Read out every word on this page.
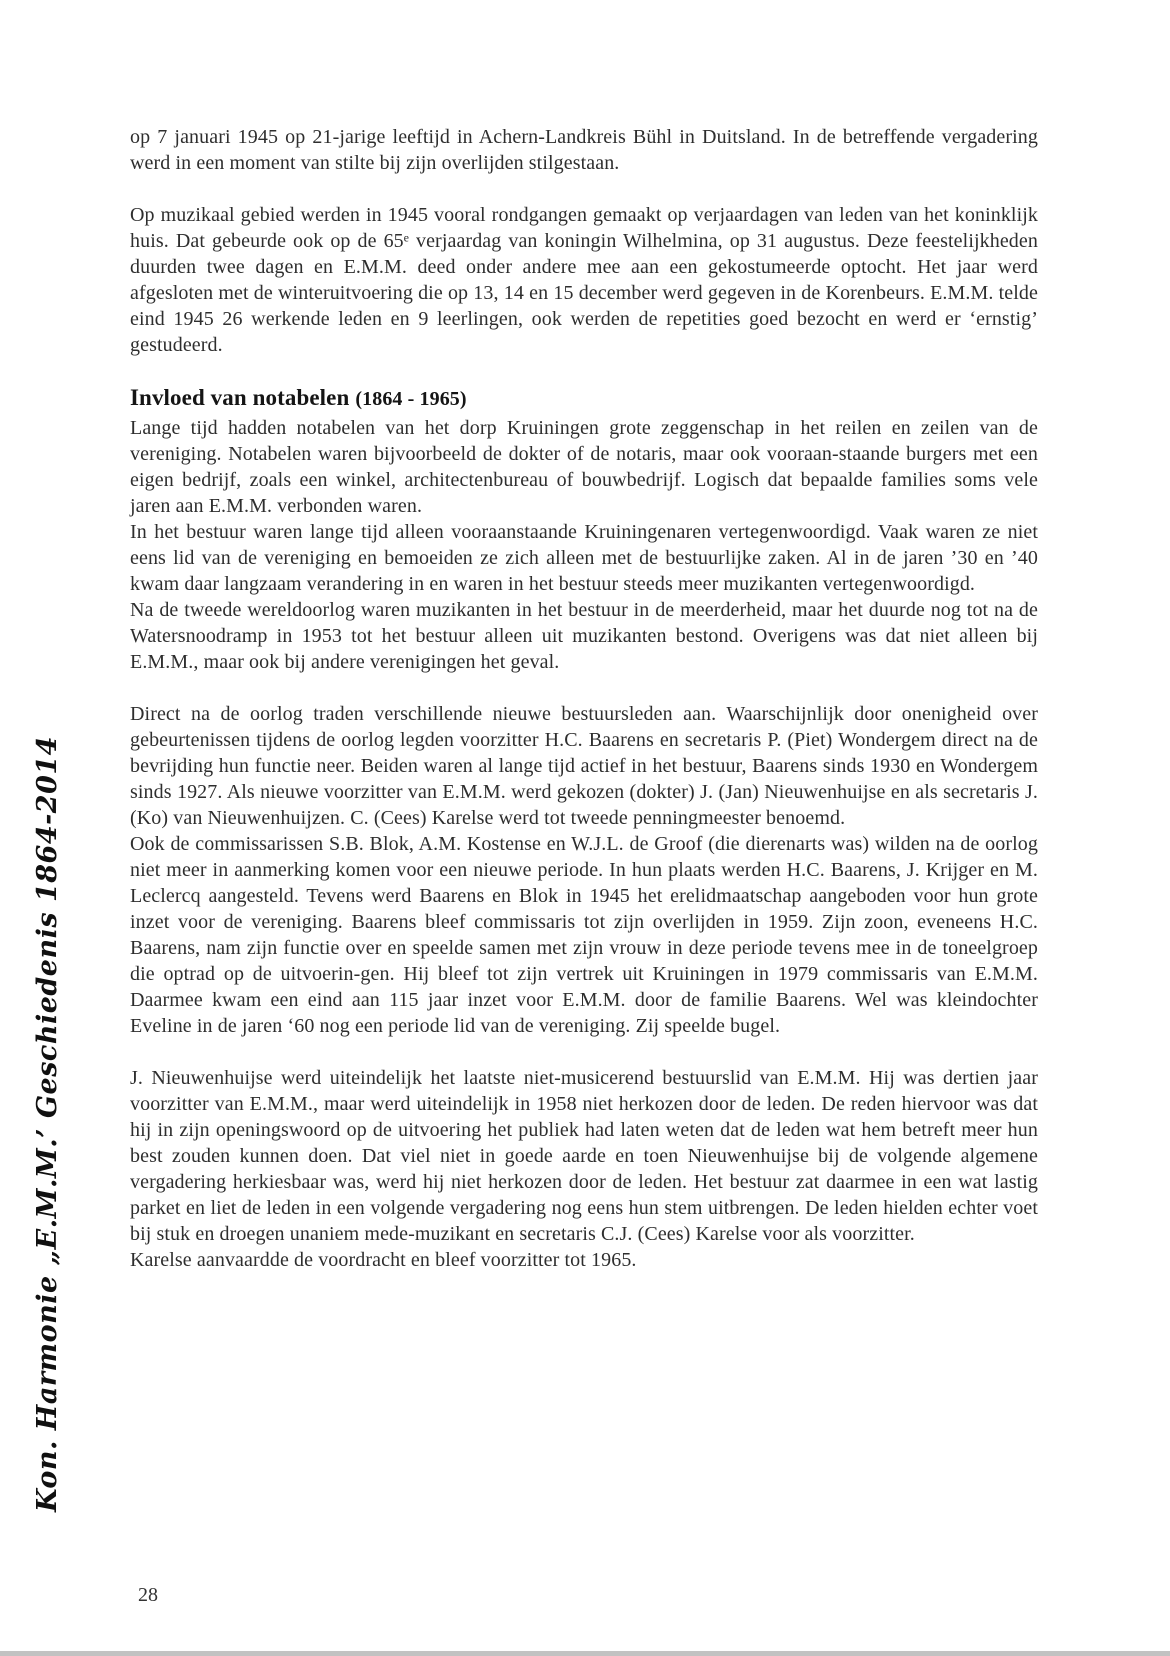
Kon. Harmonie „E.M.M.’ Geschiedenis 1864-2014

op 7 januari 1945 op 21-jarige leeftijd in Achern-Landkreis Bühl in Duitsland. In de betreffende vergadering werd in een moment van stilte bij zijn overlijden stilgestaan.

Op muzikaal gebied werden in 1945 vooral rondgangen gemaakt op verjaardagen van leden van het koninklijk huis. Dat gebeurde ook op de 65ᵉ verjaardag van koningin Wilhelmina, op 31 augustus. Deze feestelijkheden duurden twee dagen en E.M.M. deed onder andere mee aan een gekostumeerde optocht. Het jaar werd afgesloten met de winteruitvoering die op 13, 14 en 15 december werd gegeven in de Korenbeurs. E.M.M. telde eind 1945 26 werkende leden en 9 leerlingen, ook werden de repetities goed bezocht en werd er ‘ernstig’ gestudeerd.

Invloed van notabelen (1864 - 1965)

Lange tijd hadden notabelen van het dorp Kruiningen grote zeggenschap in het reilen en zeilen van de vereniging. Notabelen waren bijvoorbeeld de dokter of de notaris, maar ook vooraan-staande burgers met een eigen bedrijf, zoals een winkel, architectenbureau of bouwbedrijf. Logisch dat bepaalde families soms vele jaren aan E.M.M. verbonden waren.

In het bestuur waren lange tijd alleen vooraanstaande Kruiningenaren vertegenwoordigd. Vaak waren ze niet eens lid van de vereniging en bemoeiden ze zich alleen met de bestuurlijke zaken. Al in de jaren ’30 en ’40 kwam daar langzaam verandering in en waren in het bestuur steeds meer muzikanten vertegenwoordigd.

Na de tweede wereldoorlog waren muzikanten in het bestuur in de meerderheid, maar het duurde nog tot na de Watersnoodramp in 1953 tot het bestuur alleen uit muzikanten bestond. Overigens was dat niet alleen bij E.M.M., maar ook bij andere verenigingen het geval.

Direct na de oorlog traden verschillende nieuwe bestuursleden aan. Waarschijnlijk door onenigheid over gebeurtenissen tijdens de oorlog legden voorzitter H.C. Baarens en secretaris P. (Piet) Wondergem direct na de bevrijding hun functie neer. Beiden waren al lange tijd actief in het bestuur, Baarens sinds 1930 en Wondergem sinds 1927. Als nieuwe voorzitter van E.M.M. werd gekozen (dokter) J. (Jan) Nieuwenhuijse en als secretaris J. (Ko) van Nieuwenhuijzen. C. (Cees) Karelse werd tot tweede penningmeester benoemd.

Ook de commissarissen S.B. Blok, A.M. Kostense en W.J.L. de Groof (die dierenarts was) wilden na de oorlog niet meer in aanmerking komen voor een nieuwe periode. In hun plaats werden H.C. Baarens, J. Krijger en M. Leclercq aangesteld. Tevens werd Baarens en Blok in 1945 het erelidmaatschap aangeboden voor hun grote inzet voor de vereniging. Baarens bleef commissaris tot zijn overlijden in 1959. Zijn zoon, eveneens H.C. Baarens, nam zijn functie over en speelde samen met zijn vrouw in deze periode tevens mee in de toneelgroep die optrad op de uitvoerin-gen. Hij bleef tot zijn vertrek uit Kruiningen in 1979 commissaris van E.M.M. Daarmee kwam een eind aan 115 jaar inzet voor E.M.M. door de familie Baarens. Wel was kleindochter Eveline in de jaren ‘60 nog een periode lid van de vereniging. Zij speelde bugel.

J. Nieuwenhuijse werd uiteindelijk het laatste niet-musicerend bestuurslid van E.M.M. Hij was dertien jaar voorzitter van E.M.M., maar werd uiteindelijk in 1958 niet herkozen door de leden. De reden hiervoor was dat hij in zijn openingswoord op de uitvoering het publiek had laten weten dat de leden wat hem betreft meer hun best zouden kunnen doen. Dat viel niet in goede aarde en toen Nieuwenhuijse bij de volgende algemene vergadering herkiesbaar was, werd hij niet herkozen door de leden. Het bestuur zat daarmee in een wat lastig parket en liet de leden in een volgende vergadering nog eens hun stem uitbrengen. De leden hielden echter voet bij stuk en droegen unaniem mede-muzikant en secretaris C.J. (Cees) Karelse voor als voorzitter.

Karelse aanvaardde de voordracht en bleef voorzitter tot 1965.

28
